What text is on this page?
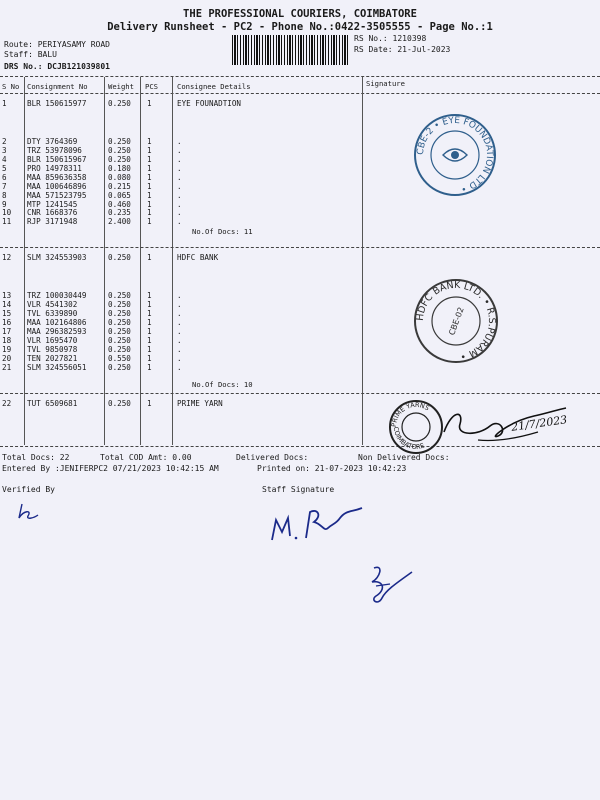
THE PROFESSIONAL COURIERS, COIMBATORE
Delivery Runsheet - PC2 - Phone No.:0422-3505555 - Page No.:1
Route: PERIYASAMY ROAD
Staff: BALU
DRS No.: DCJB121039801
RS No.: 1210398
RS Date: 21-Jul-2023
S No Consignment No	Weight PCS	Consignee Details	Signature
1	BLR 150615977	0.250 1	EYE FOUNADTION
2	DTY 3764369	0.250 1	.
3	TRZ 53978096	0.250 1	.
4	BLR 150615967	0.250 1	.
5	PRO 14978311	0.180 1	.
6	MAA 859636358	0.080 1	.
7	MAA 100646896	0.215 1	.
8	MAA 571523795	0.065 1	.
9	MTP 1241545	0.460 1	.
10 CNR 1668376	0.235 1	.
11 RJP 3171948	2.400 1	.
No.Of Docs: 11
12 SLM 324553903	0.250 1	HDFC BANK
13 TRZ 100030449	0.250 1	.
14 VLR 4541302	0.250 1	.
15 TVL 6339890	0.250 1	.
16 MAA 102164806	0.250 1	.
17 MAA 296382593	0.250 1	.
18 VLR 1695470	0.250 1	.
19 TVL 9850978	0.250 1	.
20 TEN 2027821	0.550 1	.
21 SLM 324556051	0.250 1	.
No.Of Docs: 10
22 TUT 6509681	0.250 1	PRIME YARN
Total Docs: 22	Total COD Amt: 0.00	Delivered Docs:	Non Delivered Docs:
Entered By :JENIFERPC2 07/21/2023 10:42:15 AM	Printed on: 21-07-2023 10:42:23
Verified By	Staff Signature
CBE-2 • EYE FOUNDATION LTD •
HDFC BANK LTD. • R.S.PURAM •
CBE-02
PRIME YARNS
COIMBATORE
21/7/2023
